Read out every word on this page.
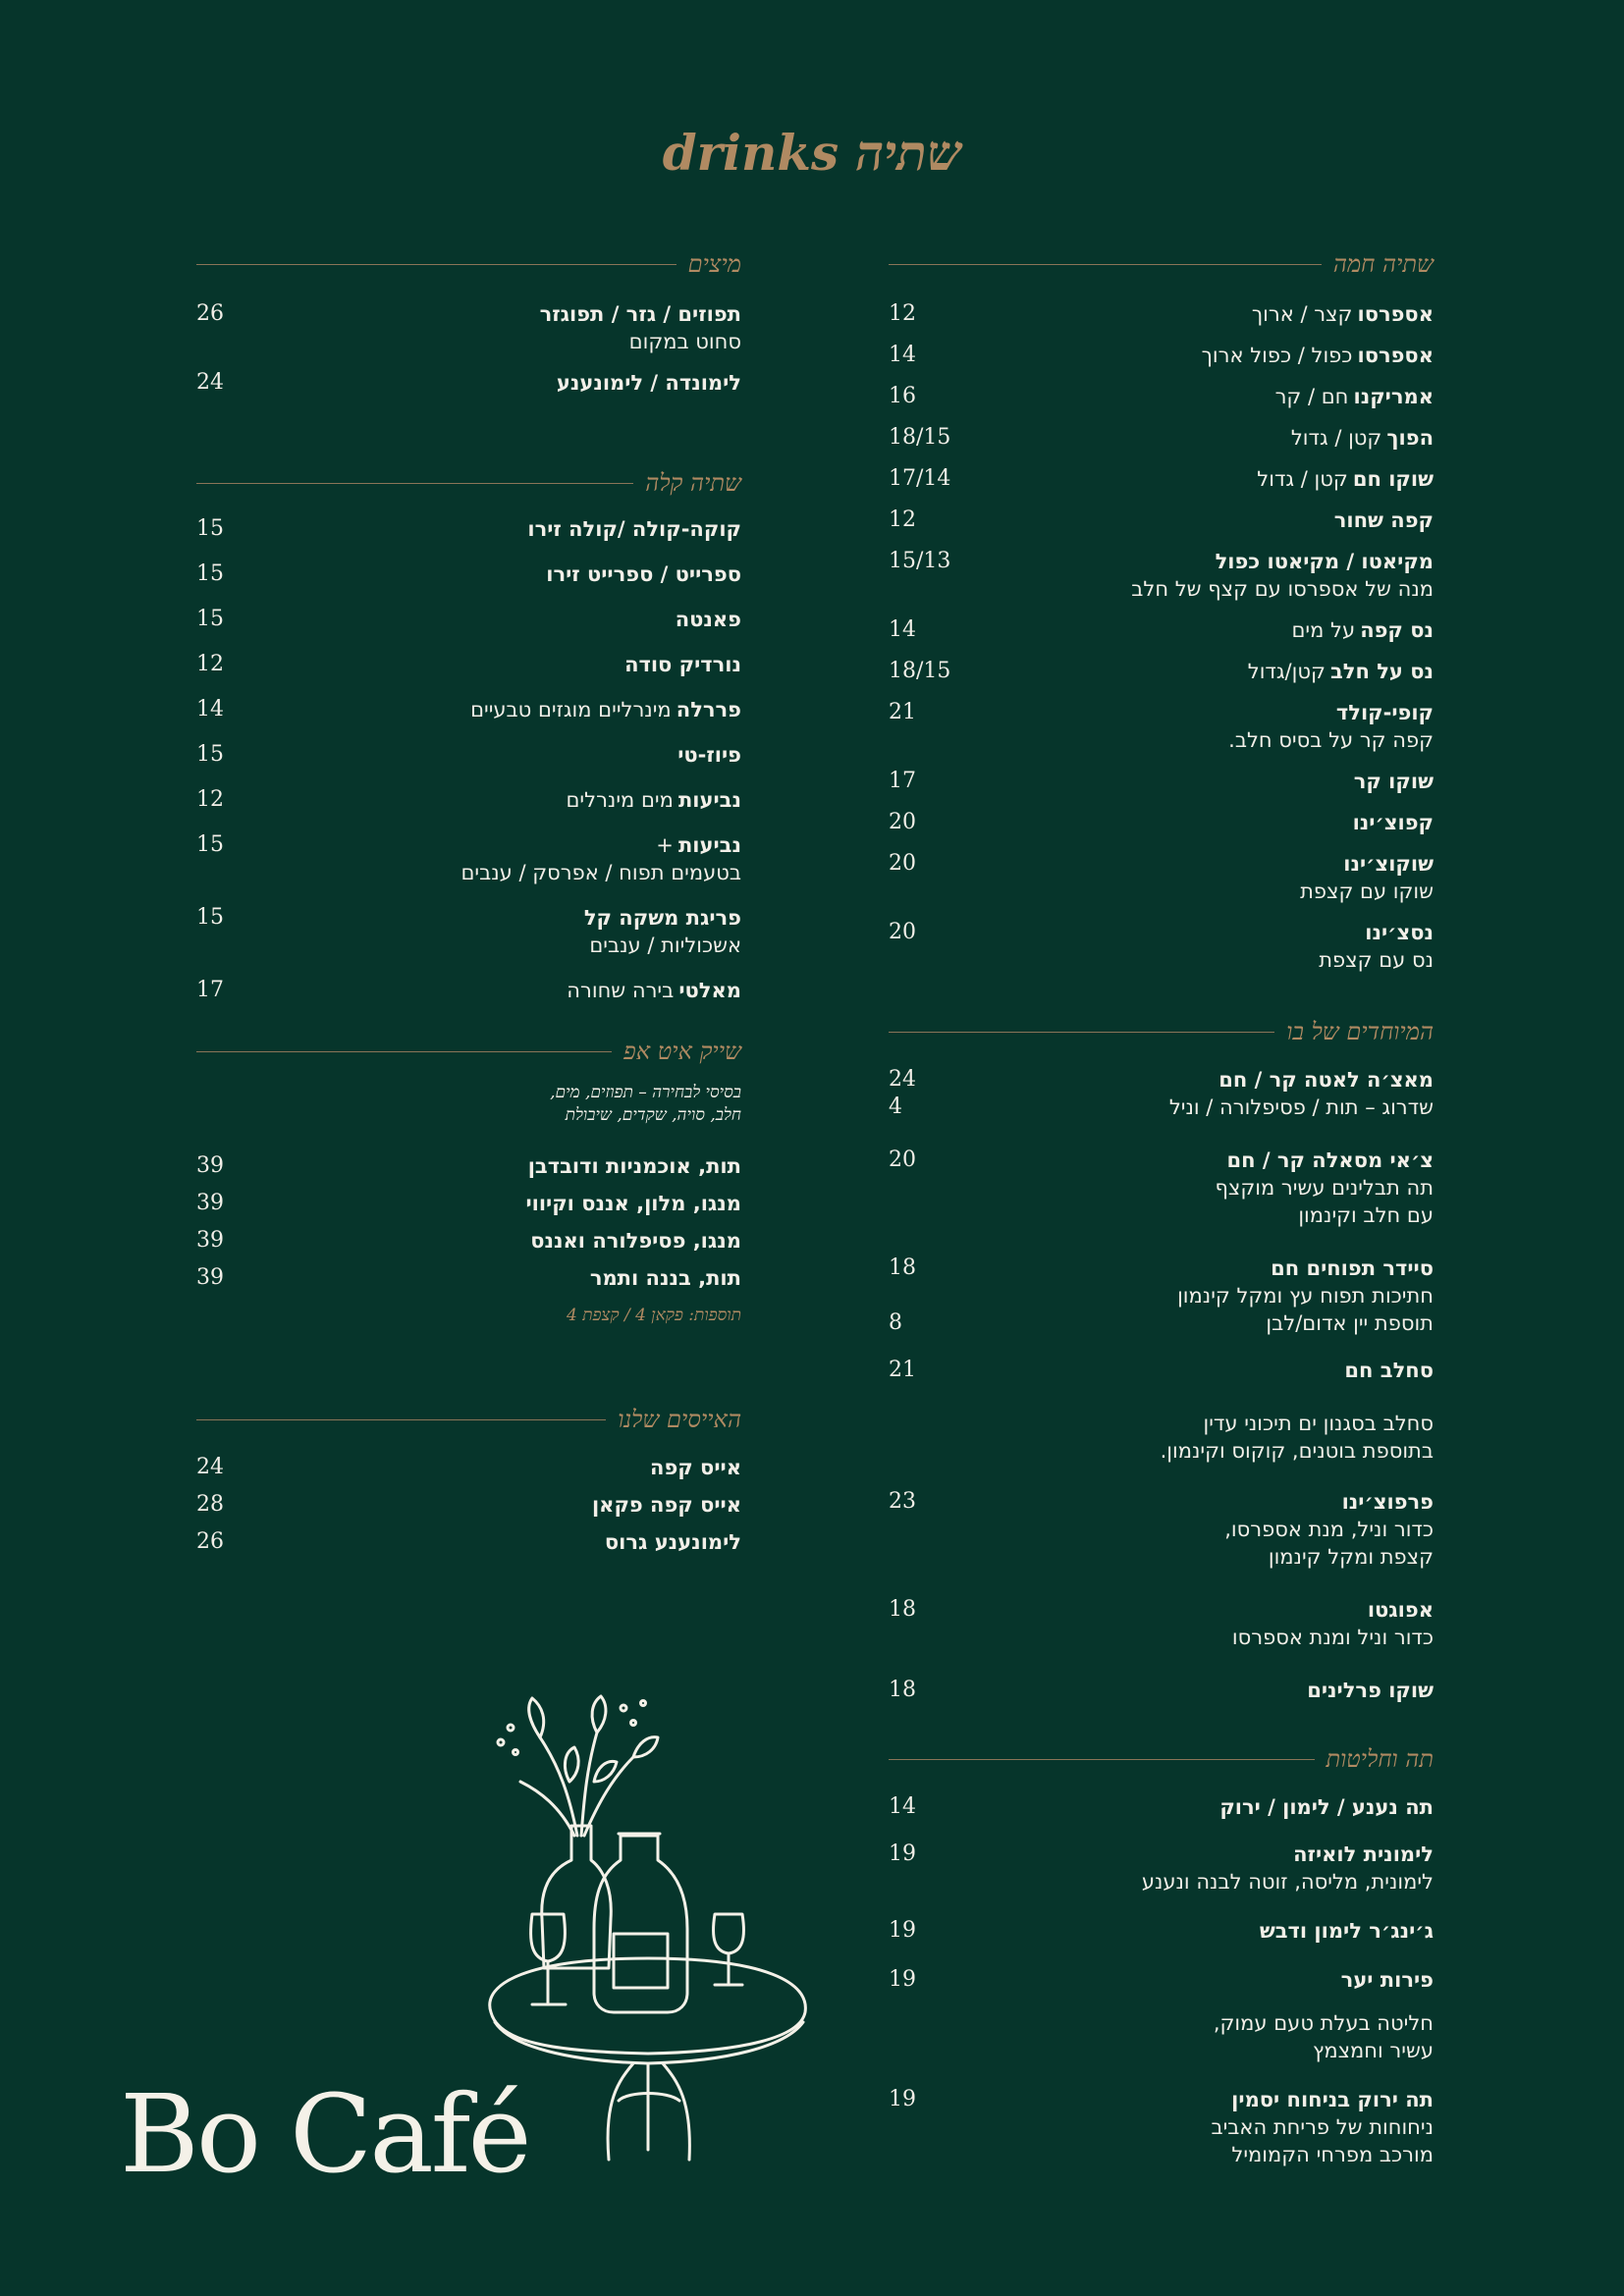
drinks שתיה
שתיה חמה
אספרסו קצר / ארוך
12
אספרסו כפול / כפול ארוך
14
אמריקנו חם / קר
16
הפוך קטן / גדול
18/15
שוקו חם קטן / גדול
17/14
קפה שחור
12
מקיאטו / מקיאטו כפול
מנה של אספרסו עם קצף של חלב
15/13
נס קפה על מים
14
נס על חלב קטן/גדול
18/15
קופי-קולד
קפה קר על בסיס חלב.
21
שוקו קר
17
קפוצ׳ינו
20
שוקוצ׳ינו
שוקו עם קצפת
20
נסצ׳ינו
נס עם קצפת
20
המיוחדים של בו
מאצ׳ה לאטה קר / חם
שדרוג – תות / פסיפלורה / וניל
24
4
צ׳אי מסאלה קר / חם
תה תבלינים עשיר מוקצף
עם חלב וקינמון
20
סיידר תפוחים חם
חתיכות תפוח עץ ומקל קינמון
תוספת יין אדום/לבן
18
8
סחלב חם
סחלב בסגנון ים תיכוני עדין
בתוספת בוטנים, קוקוס וקינמון.
21
פרפוצ׳ינו
כדור וניל, מנת אספרסו,
קצפת ומקל קינמון
23
אפוגטו
כדור וניל ומנת אספרסו
18
שוקו פרלינים
18
תה וחליטות
תה נענע / לימון / ירוק
14
לימונית לואיזה
לימונית, מליסה, זוטה לבנה ונענע
19
ג׳ינג׳ר לימון ודבש
19
פירות יער
חליטה בעלת טעם עמוק,
עשיר וחמצמץ
19
תה ירוק בניחוח יסמין
ניחוחות של פריחת האביב
מורכב מפרחי הקמומיל
19
מיצים
תפוזים / גזר / תפוגזר
סחוט במקום
26
לימונדה / לימונענע
24
שתיה קלה
קוקה-קולה /קולה זירו
15
ספרייט / ספרייט זירו
15
פאנטה
15
נורדיק סודה
12
פררלה מינרליים מוגזים טבעיים
14
פיוז-טי
15
נביעות מים מינרלים
12
נביעות +
בטעמים תפוח / אפרסק / ענבים
15
פריגת משקה קל
אשכוליות / ענבים
15
מאלטי בירה שחורה
17
שייק איט אפ
בסיסי לבחירה – תפוזים, מים,
חלב, סויה, שקדים, שיבולת
תות, אוכמניות ודובדבן
39
מנגו, מלון, אננס וקיווי
39
מנגו, פסיפלורה ואננס
39
תות, בננה ותמר
39
תוספות: פקאן 4 / קצפת 4
האייסים שלנו
אייס קפה
24
אייס קפה פקאן
28
לימונענע גרוס
26
Bo Café
